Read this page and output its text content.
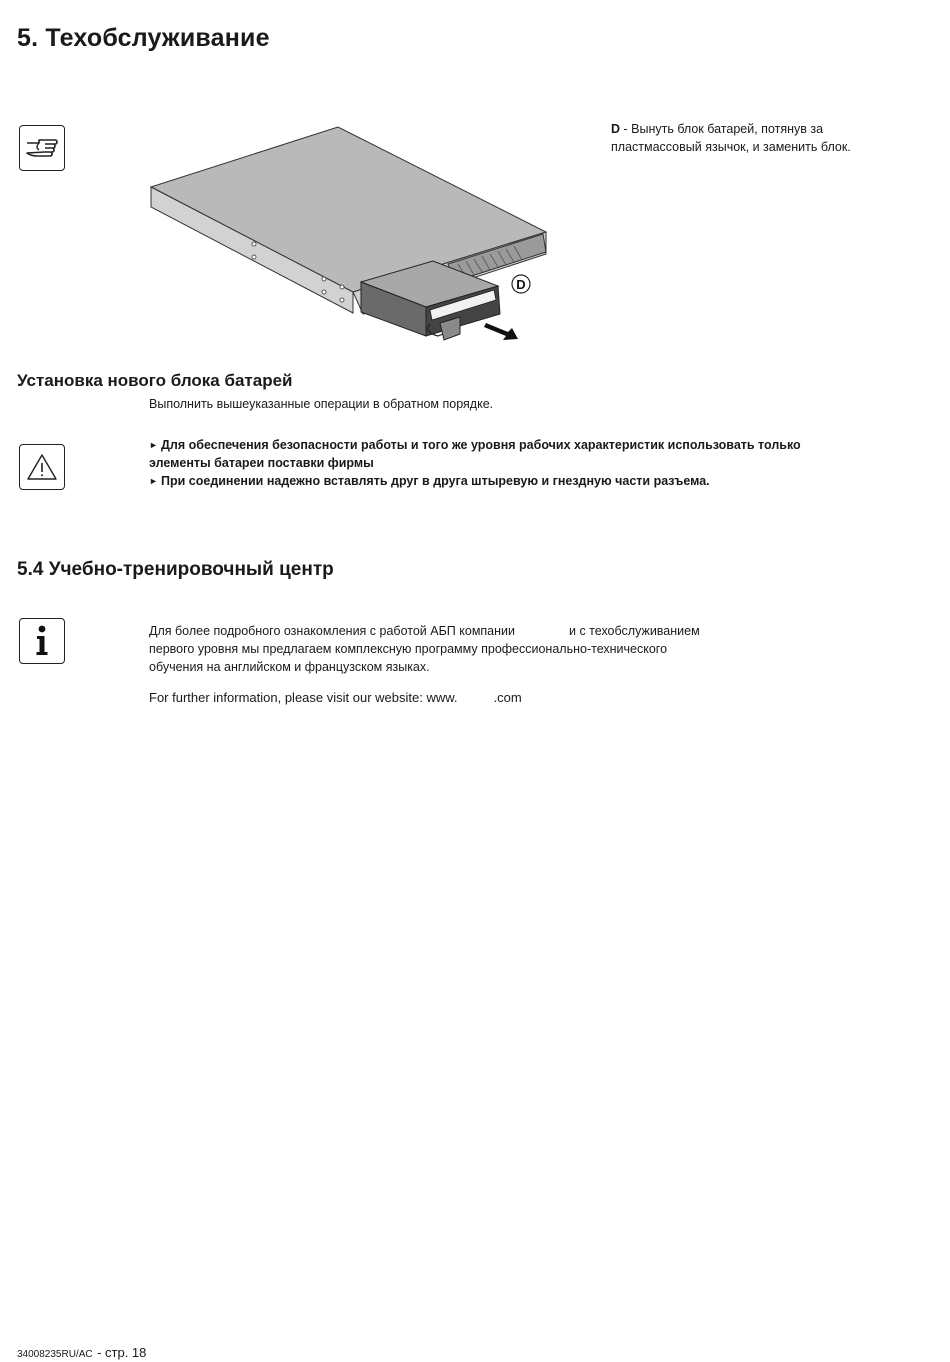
5. Техобслуживание
D
D - Вынуть блок батарей, потянув за
пластмассовый язычок, и заменить блок.
Установка нового блока батарей
Выполнить вышеуказанные операции в обратном порядке.
► Для обеспечения безопасности работы и того же уровня рабочих характеристик использовать только
элементы батареи поставки фирмы
► При соединении надежно вставлять друг в друга штыревую и гнездную части разъема.
5.4 Учебно-тренировочный центр
Для более подробного ознакомления с работой АБП компании	и с техобслуживанием
первого уровня мы предлагаем комплексную программу профессионально-технического
обучения на английском и французском языках.
For further information, please visit our website: www.	.com
34008235RU/AC - стр. 18
